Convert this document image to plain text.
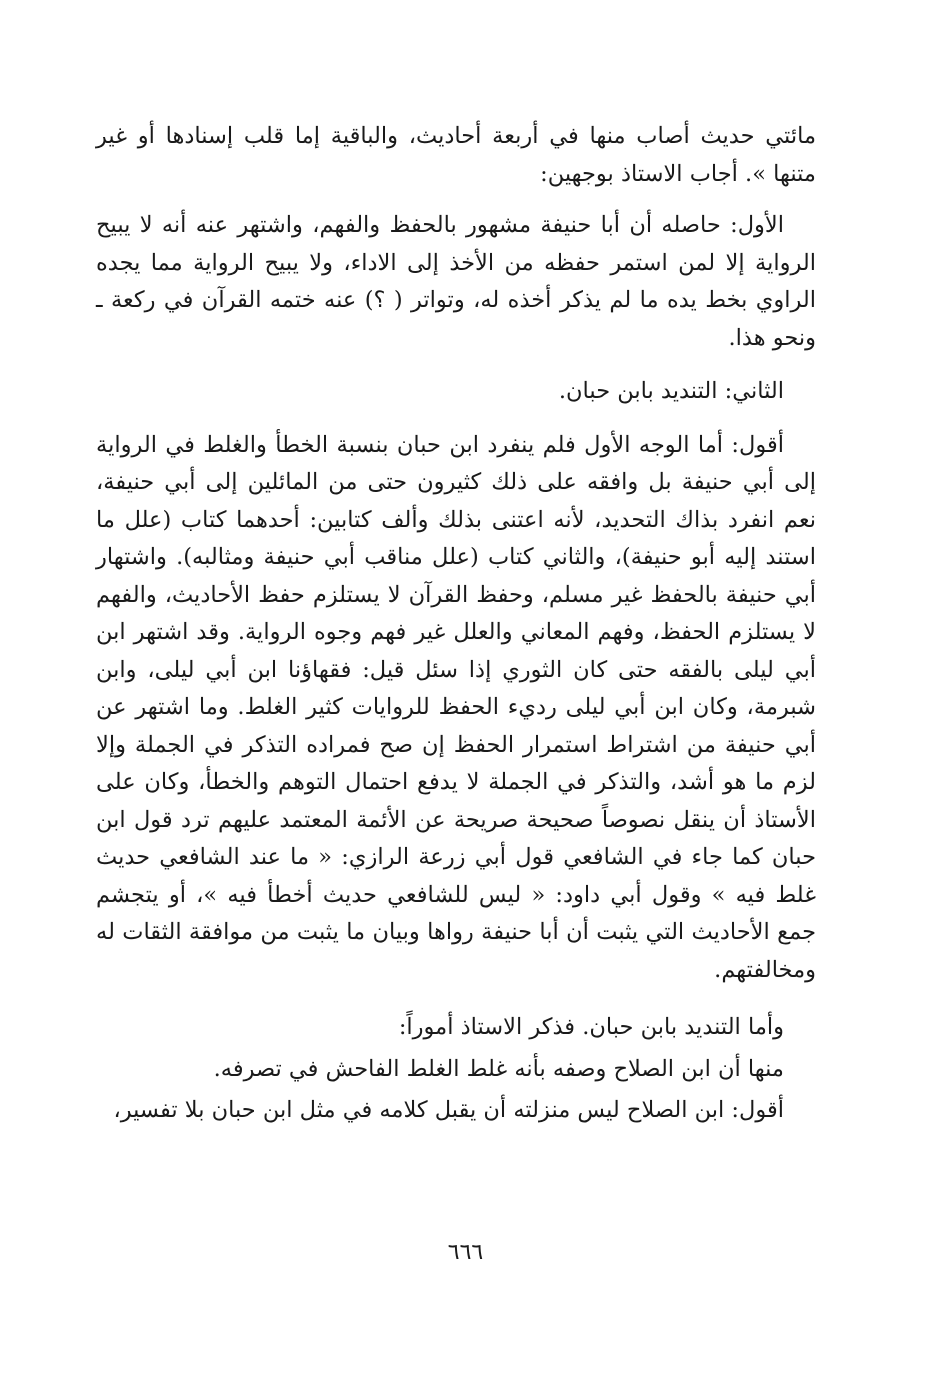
مائتي حديث أصاب منها في أربعة أحاديث، والباقية إما قلب إسنادها أو غير متنها ». أجاب الاستاذ بوجهين:

الأول: حاصله أن أبا حنيفة مشهور بالحفظ والفهم، واشتهر عنه أنه لا يبيح الرواية إلا لمن استمر حفظه من الأخذ إلى الاداء، ولا يبيح الرواية مما يجده الراوي بخط يده ما لم يذكر أخذه له، وتواتر ( ؟) عنه ختمه القرآن في ركعة ـ ونحو هذا.

الثاني: التنديد بابن حبان.

أقول: أما الوجه الأول فلم ينفرد ابن حبان بنسبة الخطأ والغلط في الرواية إلى أبي حنيفة بل وافقه على ذلك كثيرون حتى من المائلين إلى أبي حنيفة، نعم انفرد بذاك التحديد، لأنه اعتنى بذلك وألف كتابين: أحدهما كتاب (علل ما استند إليه أبو حنيفة)، والثاني كتاب (علل مناقب أبي حنيفة ومثالبه). واشتهار أبي حنيفة بالحفظ غير مسلم، وحفظ القرآن لا يستلزم حفظ الأحاديث، والفهم لا يستلزم الحفظ، وفهم المعاني والعلل غير فهم وجوه الرواية. وقد اشتهر ابن أبي ليلى بالفقه حتى كان الثوري إذا سئل قيل: فقهاؤنا ابن أبي ليلى، وابن شبرمة، وكان ابن أبي ليلى رديء الحفظ للروايات كثير الغلط. وما اشتهر عن أبي حنيفة من اشتراط استمرار الحفظ إن صح فمراده التذكر في الجملة وإلا لزم ما هو أشد، والتذكر في الجملة لا يدفع احتمال التوهم والخطأ، وكان على الأستاذ أن ينقل نصوصاً صحيحة صريحة عن الأئمة المعتمد عليهم ترد قول ابن حبان كما جاء في الشافعي قول أبي زرعة الرازي: « ما عند الشافعي حديث غلط فيه » وقول أبي داود: « ليس للشافعي حديث أخطأ فيه »، أو يتجشم جمع الأحاديث التي يثبت أن أبا حنيفة رواها وبيان ما يثبت من موافقة الثقات له ومخالفتهم.

وأما التنديد بابن حبان. فذكر الاستاذ أموراً:

منها أن ابن الصلاح وصفه بأنه غلط الغلط الفاحش في تصرفه.

أقول: ابن الصلاح ليس منزلته أن يقبل كلامه في مثل ابن حبان بلا تفسير،

٦٦٦
